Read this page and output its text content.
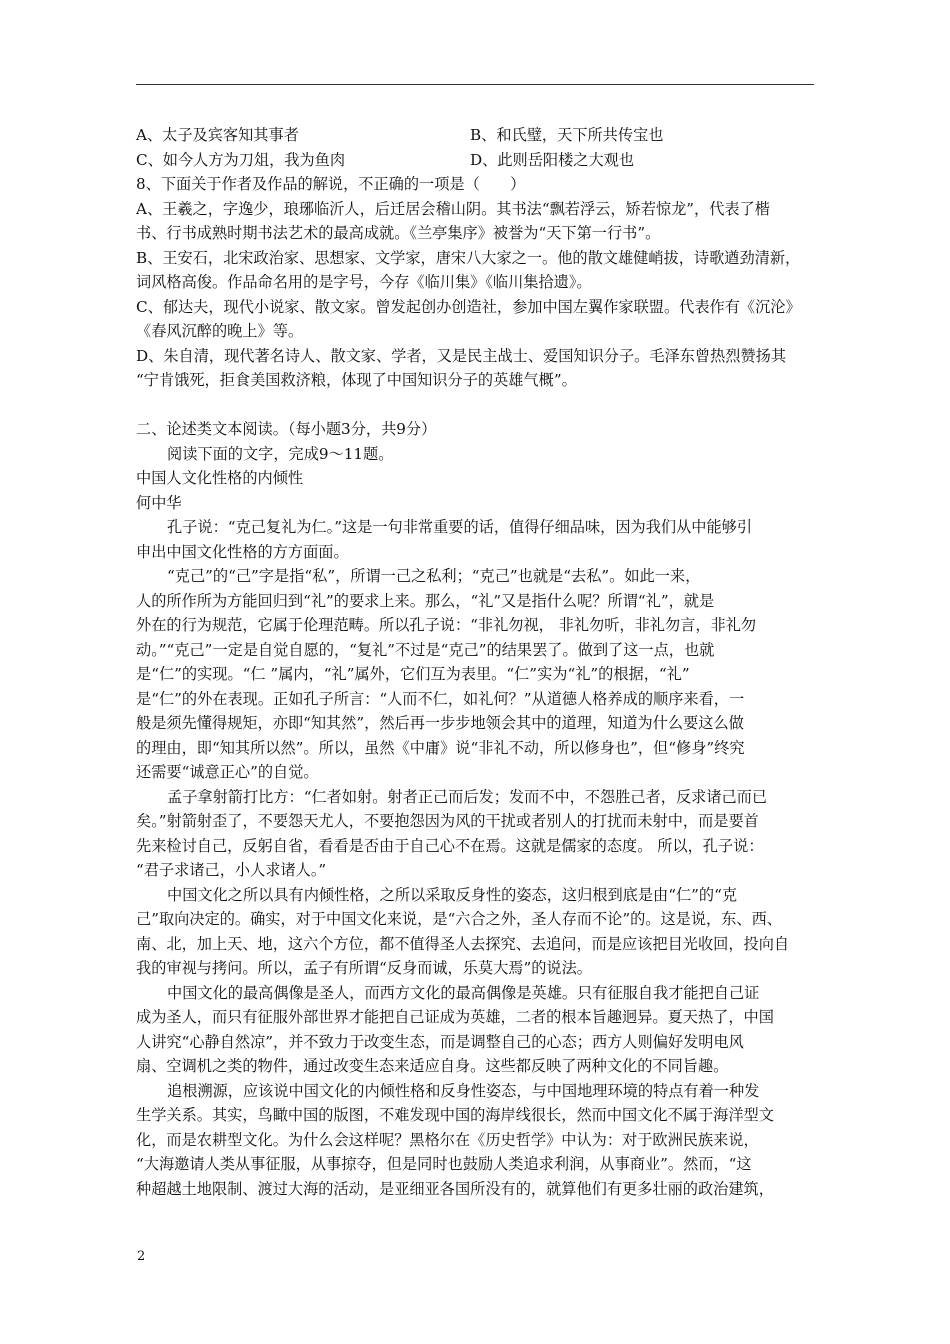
A、太子及宾客知其事者	B、和氏璧，天下所共传宝也
C、如今人方为刀俎，我为鱼肉	D、此则岳阳楼之大观也
8、下面关于作者及作品的解说，不正确的一项是（　　）
A、王羲之，字逸少，琅琊临沂人，后迁居会稽山阴。其书法“飘若浮云，矫若惊龙”，代表了楷
书、行书成熟时期书法艺术的最高成就。《兰亭集序》被誉为“天下第一行书”。
B、王安石，北宋政治家、思想家、文学家，唐宋八大家之一。他的散文雄健峭拔，诗歌遒劲清新，
词风格高俊。作品命名用的是字号，今存《临川集》《临川集拾遗》。
C、郁达夫，现代小说家、散文家。曾发起创办创造社，参加中国左翼作家联盟。代表作有《沉沦》
《春风沉醉的晚上》等。
D、朱自清，现代著名诗人、散文家、学者，又是民主战士、爱国知识分子。毛泽东曾热烈赞扬其
“宁肯饿死，拒食美国救济粮，体现了中国知识分子的英雄气概”。
二、论述类文本阅读。（每小题3分，共9分）
阅读下面的文字，完成9～11题。
中国人文化性格的内倾性
何中华
孔子说：“克己复礼为仁。”这是一句非常重要的话，值得仔细品味，因为我们从中能够引
申出中国文化性格的方方面面。
“克己”的“己”字是指“私”，所谓一己之私利；“克己”也就是“去私”。如此一来，
人的所作所为方能回归到“礼”的要求上来。那么，“礼”又是指什么呢？所谓“礼”，就是
外在的行为规范，它属于伦理范畴。所以孔子说：“非礼勿视， 非礼勿听，非礼勿言，非礼勿
动。”“克己”一定是自觉自愿的，“复礼”不过是“克己”的结果罢了。做到了这一点，也就
是“仁”的实现。“仁 ”属内，“礼”属外，它们互为表里。“仁”实为“礼”的根据，“礼”
是“仁”的外在表现。正如孔子所言：“人而不仁，如礼何？”从道德人格养成的顺序来看，一
般是须先懂得规矩，亦即“知其然”，然后再一步步地领会其中的道理，知道为什么要这么做
的理由，即“知其所以然”。所以，虽然《中庸》说“非礼不动，所以修身也”，但“修身”终究
还需要“诚意正心”的自觉。
孟子拿射箭打比方：“仁者如射。射者正己而后发；发而不中，不怨胜己者，反求诸己而已
矣。”射箭射歪了，不要怨天尤人，不要抱怨因为风的干扰或者别人的打扰而未射中，而是要首
先来检讨自己，反躬自省，看看是否由于自己心不在焉。这就是儒家的态度。 所以，孔子说：
“君子求诸己，小人求诸人。”
中国文化之所以具有内倾性格，之所以采取反身性的姿态，这归根到底是由“仁”的“克
己”取向决定的。确实，对于中国文化来说，是“六合之外，圣人存而不论”的。这是说，东、西、
南、北，加上天、地，这六个方位，都不值得圣人去探究、去追问，而是应该把目光收回，投向自
我的审视与拷问。所以，孟子有所谓“反身而诚，乐莫大焉”的说法。
中国文化的最高偶像是圣人，而西方文化的最高偶像是英雄。只有征服自我才能把自己证
成为圣人，而只有征服外部世界才能把自己证成为英雄，二者的根本旨趣迥异。夏天热了，中国
人讲究“心静自然凉”，并不致力于改变生态，而是调整自己的心态；西方人则偏好发明电风
扇、空调机之类的物件，通过改变生态来适应自身。这些都反映了两种文化的不同旨趣。
追根溯源，应该说中国文化的内倾性格和反身性姿态，与中国地理环境的特点有着一种发
生学关系。其实，鸟瞰中国的版图，不难发现中国的海岸线很长，然而中国文化不属于海洋型文
化，而是农耕型文化。为什么会这样呢？黑格尔在《历史哲学》中认为：对于欧洲民族来说，
“大海邀请人类从事征服，从事掠夺，但是同时也鼓励人类追求利润，从事商业”。然而，“这
种超越土地限制、渡过大海的活动，是亚细亚各国所没有的，就算他们有更多壮丽的政治建筑，
2
